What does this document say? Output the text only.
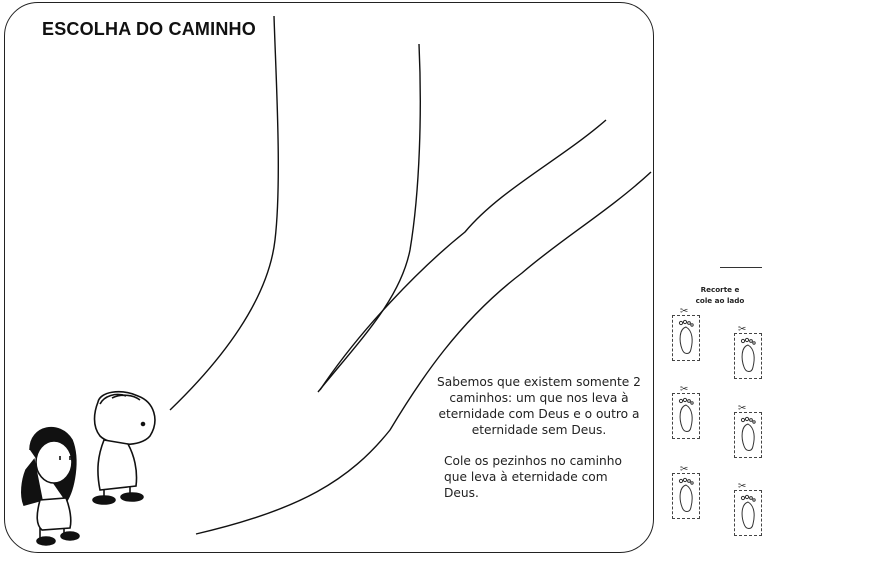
ESCOLHA DO CAMINHO

Sabemos que existem somente 2 caminhos: um que nos leva à eternidade com Deus e o outro a eternidade sem Deus.

Cole os pezinhos no caminho que leva à eternidade com Deus.

Recorte e
cole ao lado
✂
✂
✂
✂
✂
✂
